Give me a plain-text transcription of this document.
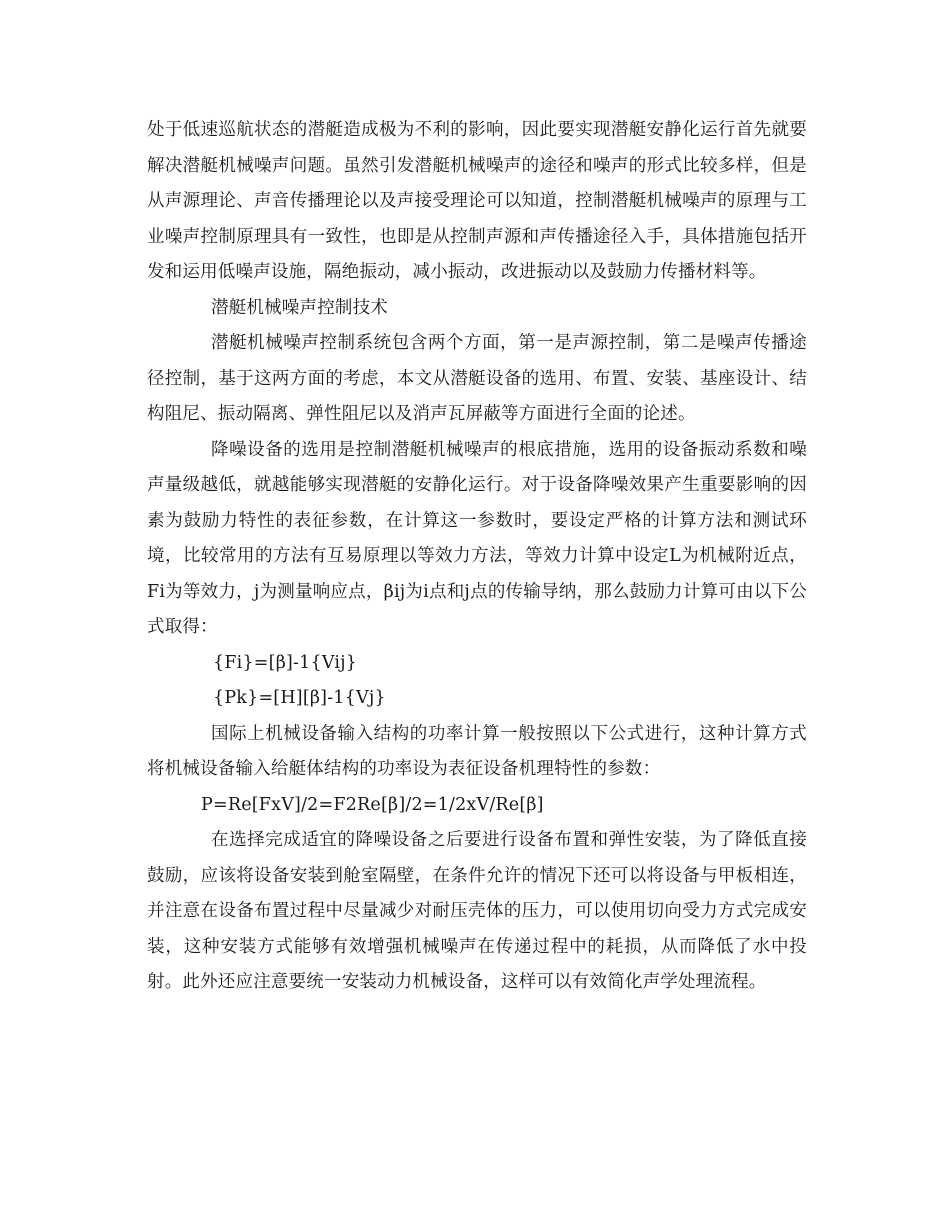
处于低速巡航状态的潜艇造成极为不利的影响，因此要实现潜艇安静化运行首先就要解决潜艇机械噪声问题。虽然引发潜艇机械噪声的途径和噪声的形式比较多样，但是从声源理论、声音传播理论以及声接受理论可以知道，控制潜艇机械噪声的原理与工业噪声控制原理具有一致性，也即是从控制声源和声传播途径入手，具体措施包括开发和运用低噪声设施，隔绝振动，减小振动，改进振动以及鼓励力传播材料等。

潜艇机械噪声控制技术

潜艇机械噪声控制系统包含两个方面，第一是声源控制，第二是噪声传播途径控制，基于这两方面的考虑，本文从潜艇设备的选用、布置、安装、基座设计、结构阻尼、振动隔离、弹性阻尼以及消声瓦屏蔽等方面进行全面的论述。

降噪设备的选用是控制潜艇机械噪声的根底措施，选用的设备振动系数和噪声量级越低，就越能够实现潜艇的安静化运行。对于设备降噪效果产生重要影响的因素为鼓励力特性的表征参数，在计算这一参数时，要设定严格的计算方法和测试环境，比较常用的方法有互易原理以等效力方法，等效力计算中设定L为机械附近点，Fi为等效力，j为测量响应点，βij为i点和j点的传输导纳，那么鼓励力计算可由以下公式取得：

{Fi}=[β]-1{Vij}

{Pk}=[H][β]-1{Vj}

国际上机械设备输入结构的功率计算一般按照以下公式进行，这种计算方式将机械设备输入给艇体结构的功率设为表征设备机理特性的参数：

P=Re[FxV]/2=F2Re[β]/2=1/2xV/Re[β]

在选择完成适宜的降噪设备之后要进行设备布置和弹性安装，为了降低直接鼓励，应该将设备安装到舱室隔壁，在条件允许的情况下还可以将设备与甲板相连，并注意在设备布置过程中尽量减少对耐压壳体的压力，可以使用切向受力方式完成安装，这种安装方式能够有效增强机械噪声在传递过程中的耗损，从而降低了水中投射。此外还应注意要统一安装动力机械设备，这样可以有效简化声学处理流程。
